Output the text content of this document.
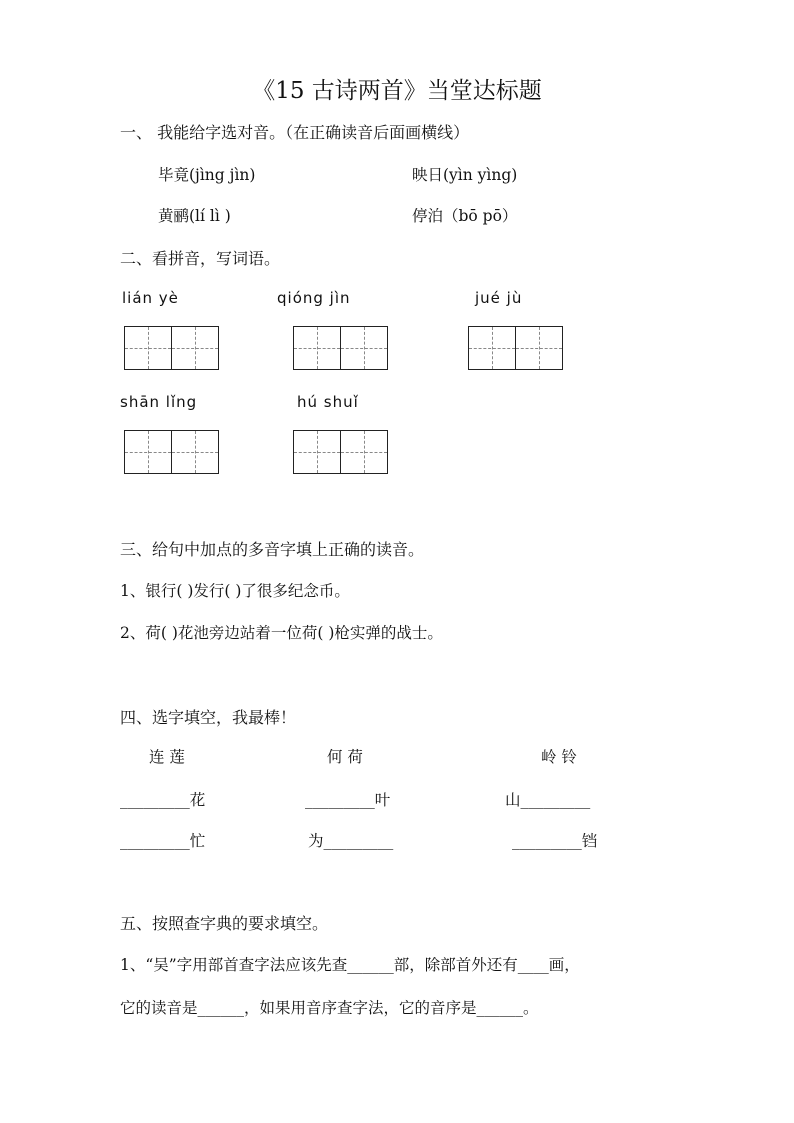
《15 古诗两首》当堂达标题
一、 我能给字选对音。（在正确读音后面画横线）
毕竟(jìng jìn)	映日(yìn yìng)
黄鹂(lí lì )	停泊（bō pō）
二、看拼音，写词语。
lián yè	qióng jìn	jué jù
shān lǐng	hú shuǐ
三、给句中加点的多音字填上正确的读音。
1、银行( )发行( )了很多纪念币。
2、荷( )花池旁边站着一位荷( )枪实弹的战士。
四、选字填空，我最棒！
连 莲	何 荷	岭 铃
_________花	_________叶	山_________
_________忙	为_________	_________铛
五、按照查字典的要求填空。
1、“吴”字用部首查字法应该先查______部，除部首外还有____画，
它的读音是______，如果用音序查字法，它的音序是______。
